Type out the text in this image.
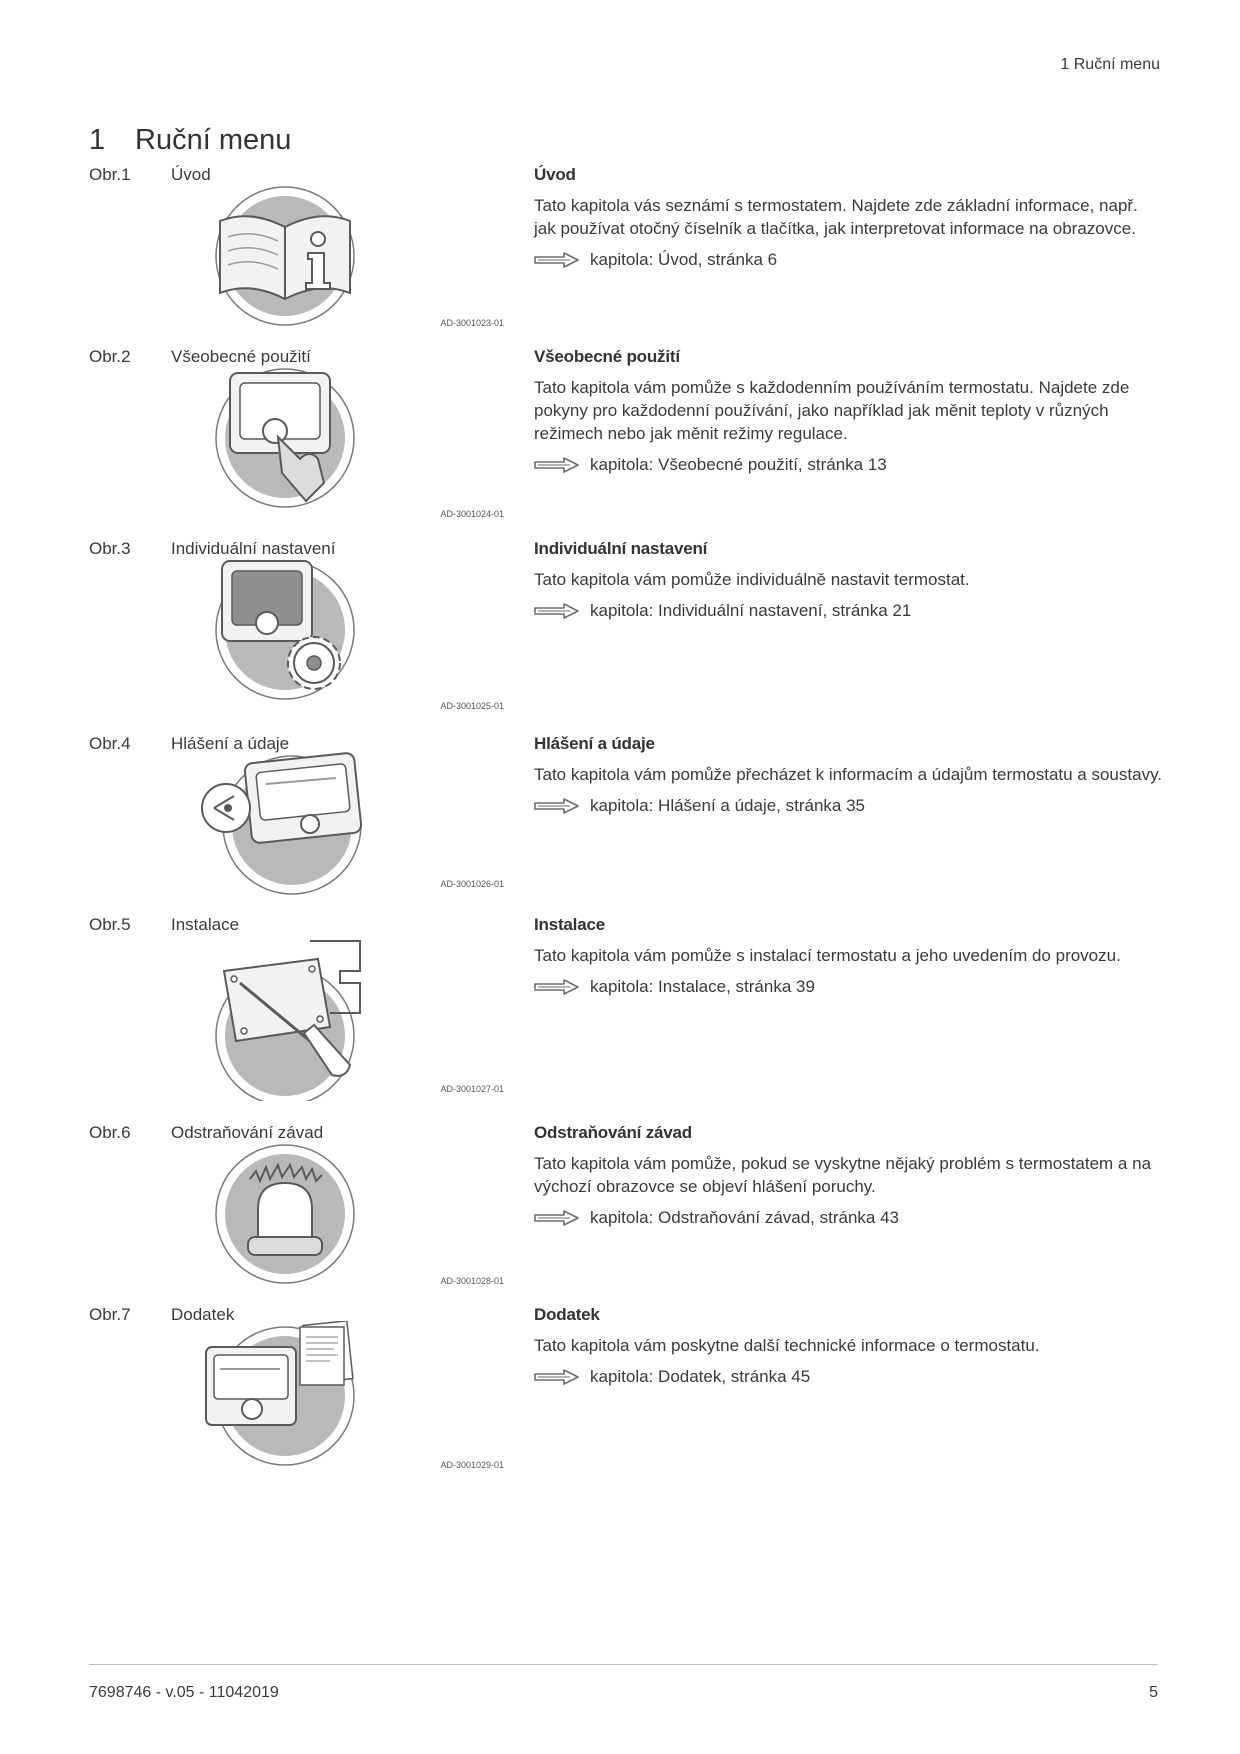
1 Ruční menu
1 Ruční menu
Obr.1 Úvod
AD-3001023-01
Úvod

Tato kapitola vás seznámí s termostatem. Najdete zde základní informace, např. jak používat otočný číselník a tlačítka, jak interpretovat informace na obrazovce.

kapitola: Úvod, stránka 6
Obr.2 Všeobecné použití
AD-3001024-01
Všeobecné použití

Tato kapitola vám pomůže s každodenním používáním termostatu. Najdete zde pokyny pro každodenní používání, jako například jak měnit teploty v různých režimech nebo jak měnit režimy regulace.

kapitola: Všeobecné použití, stránka 13
Obr.3 Individuální nastavení
AD-3001025-01
Individuální nastavení

Tato kapitola vám pomůže individuálně nastavit termostat.

kapitola: Individuální nastavení, stránka 21
Obr.4 Hlášení a údaje
AD-3001026-01
Hlášení a údaje

Tato kapitola vám pomůže přecházet k informacím a údajům termostatu a soustavy.

kapitola: Hlášení a údaje, stránka 35
Obr.5 Instalace
AD-3001027-01
Instalace

Tato kapitola vám pomůže s instalací termostatu a jeho uvedením do provozu.

kapitola: Instalace, stránka 39
Obr.6 Odstraňování závad
AD-3001028-01
Odstraňování závad

Tato kapitola vám pomůže, pokud se vyskytne nějaký problém s termostatem a na výchozí obrazovce se objeví hlášení poruchy.

kapitola: Odstraňování závad, stránka 43
Obr.7 Dodatek
AD-3001029-01
Dodatek

Tato kapitola vám poskytne další technické informace o termostatu.

kapitola: Dodatek, stránka 45
7698746 - v.05 - 11042019	5
